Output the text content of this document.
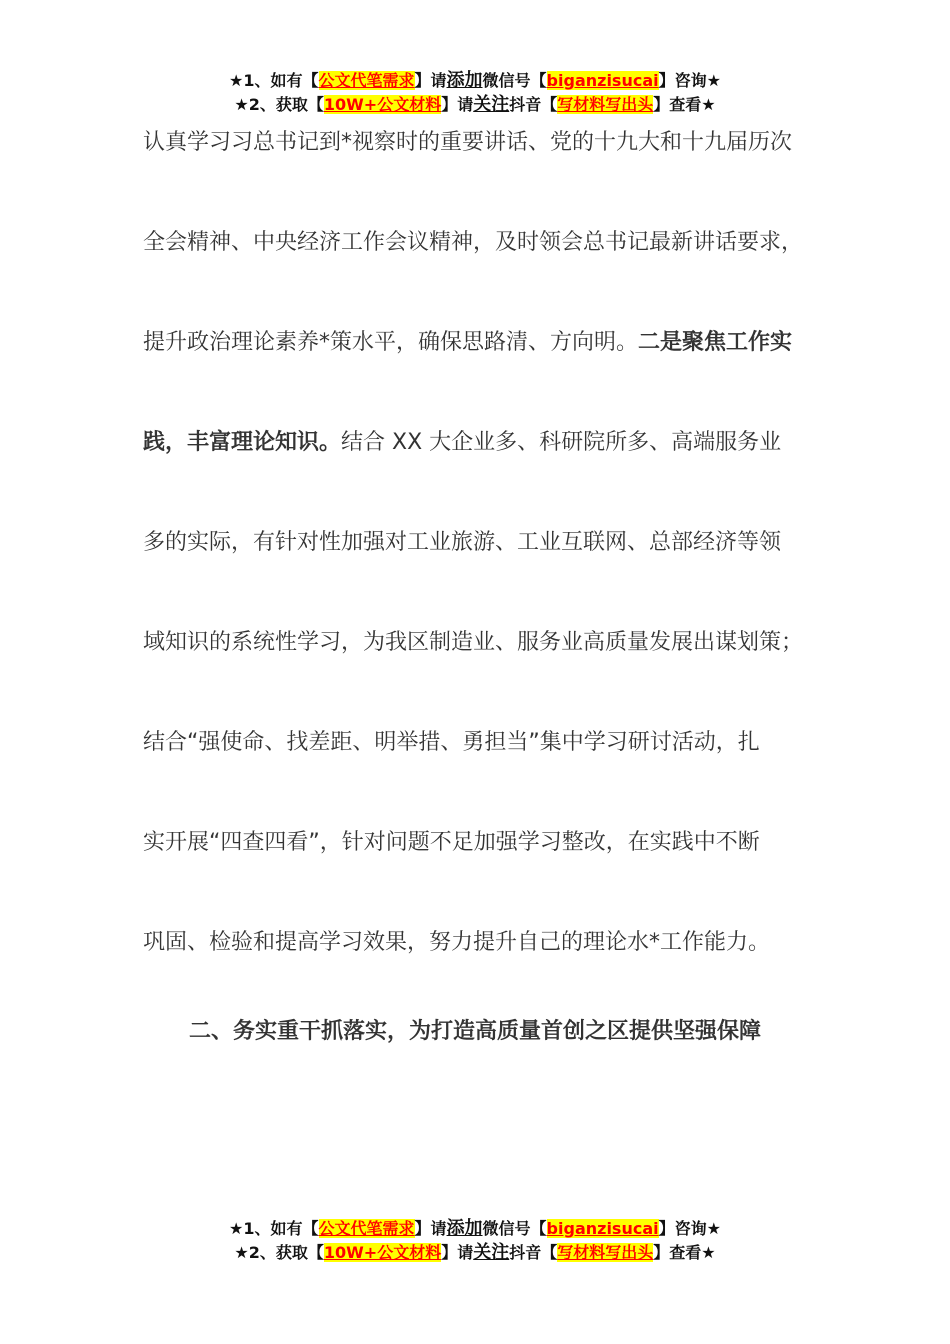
★1、如有【公文代笔需求】请添加微信号【biganzisucai】咨询★
★2、获取【10W+公文材料】请关注抖音【写材料写出头】查看★
认真学习习总书记到*视察时的重要讲话、党的十九大和十九届历次
全会精神、中央经济工作会议精神，及时领会总书记最新讲话要求，
提升政治理论素养*策水平，确保思路清、方向明。二是聚焦工作实
践，丰富理论知识。结合 XX 大企业多、科研院所多、高端服务业
多的实际，有针对性加强对工业旅游、工业互联网、总部经济等领
域知识的系统性学习，为我区制造业、服务业高质量发展出谋划策；
结合“强使命、找差距、明举措、勇担当”集中学习研讨活动，扎
实开展“四查四看”，针对问题不足加强学习整改，在实践中不断
巩固、检验和提高学习效果，努力提升自己的理论水*工作能力。
二、务实重干抓落实，为打造高质量首创之区提供坚强保障
★1、如有【公文代笔需求】请添加微信号【biganzisucai】咨询★
★2、获取【10W+公文材料】请关注抖音【写材料写出头】查看★
